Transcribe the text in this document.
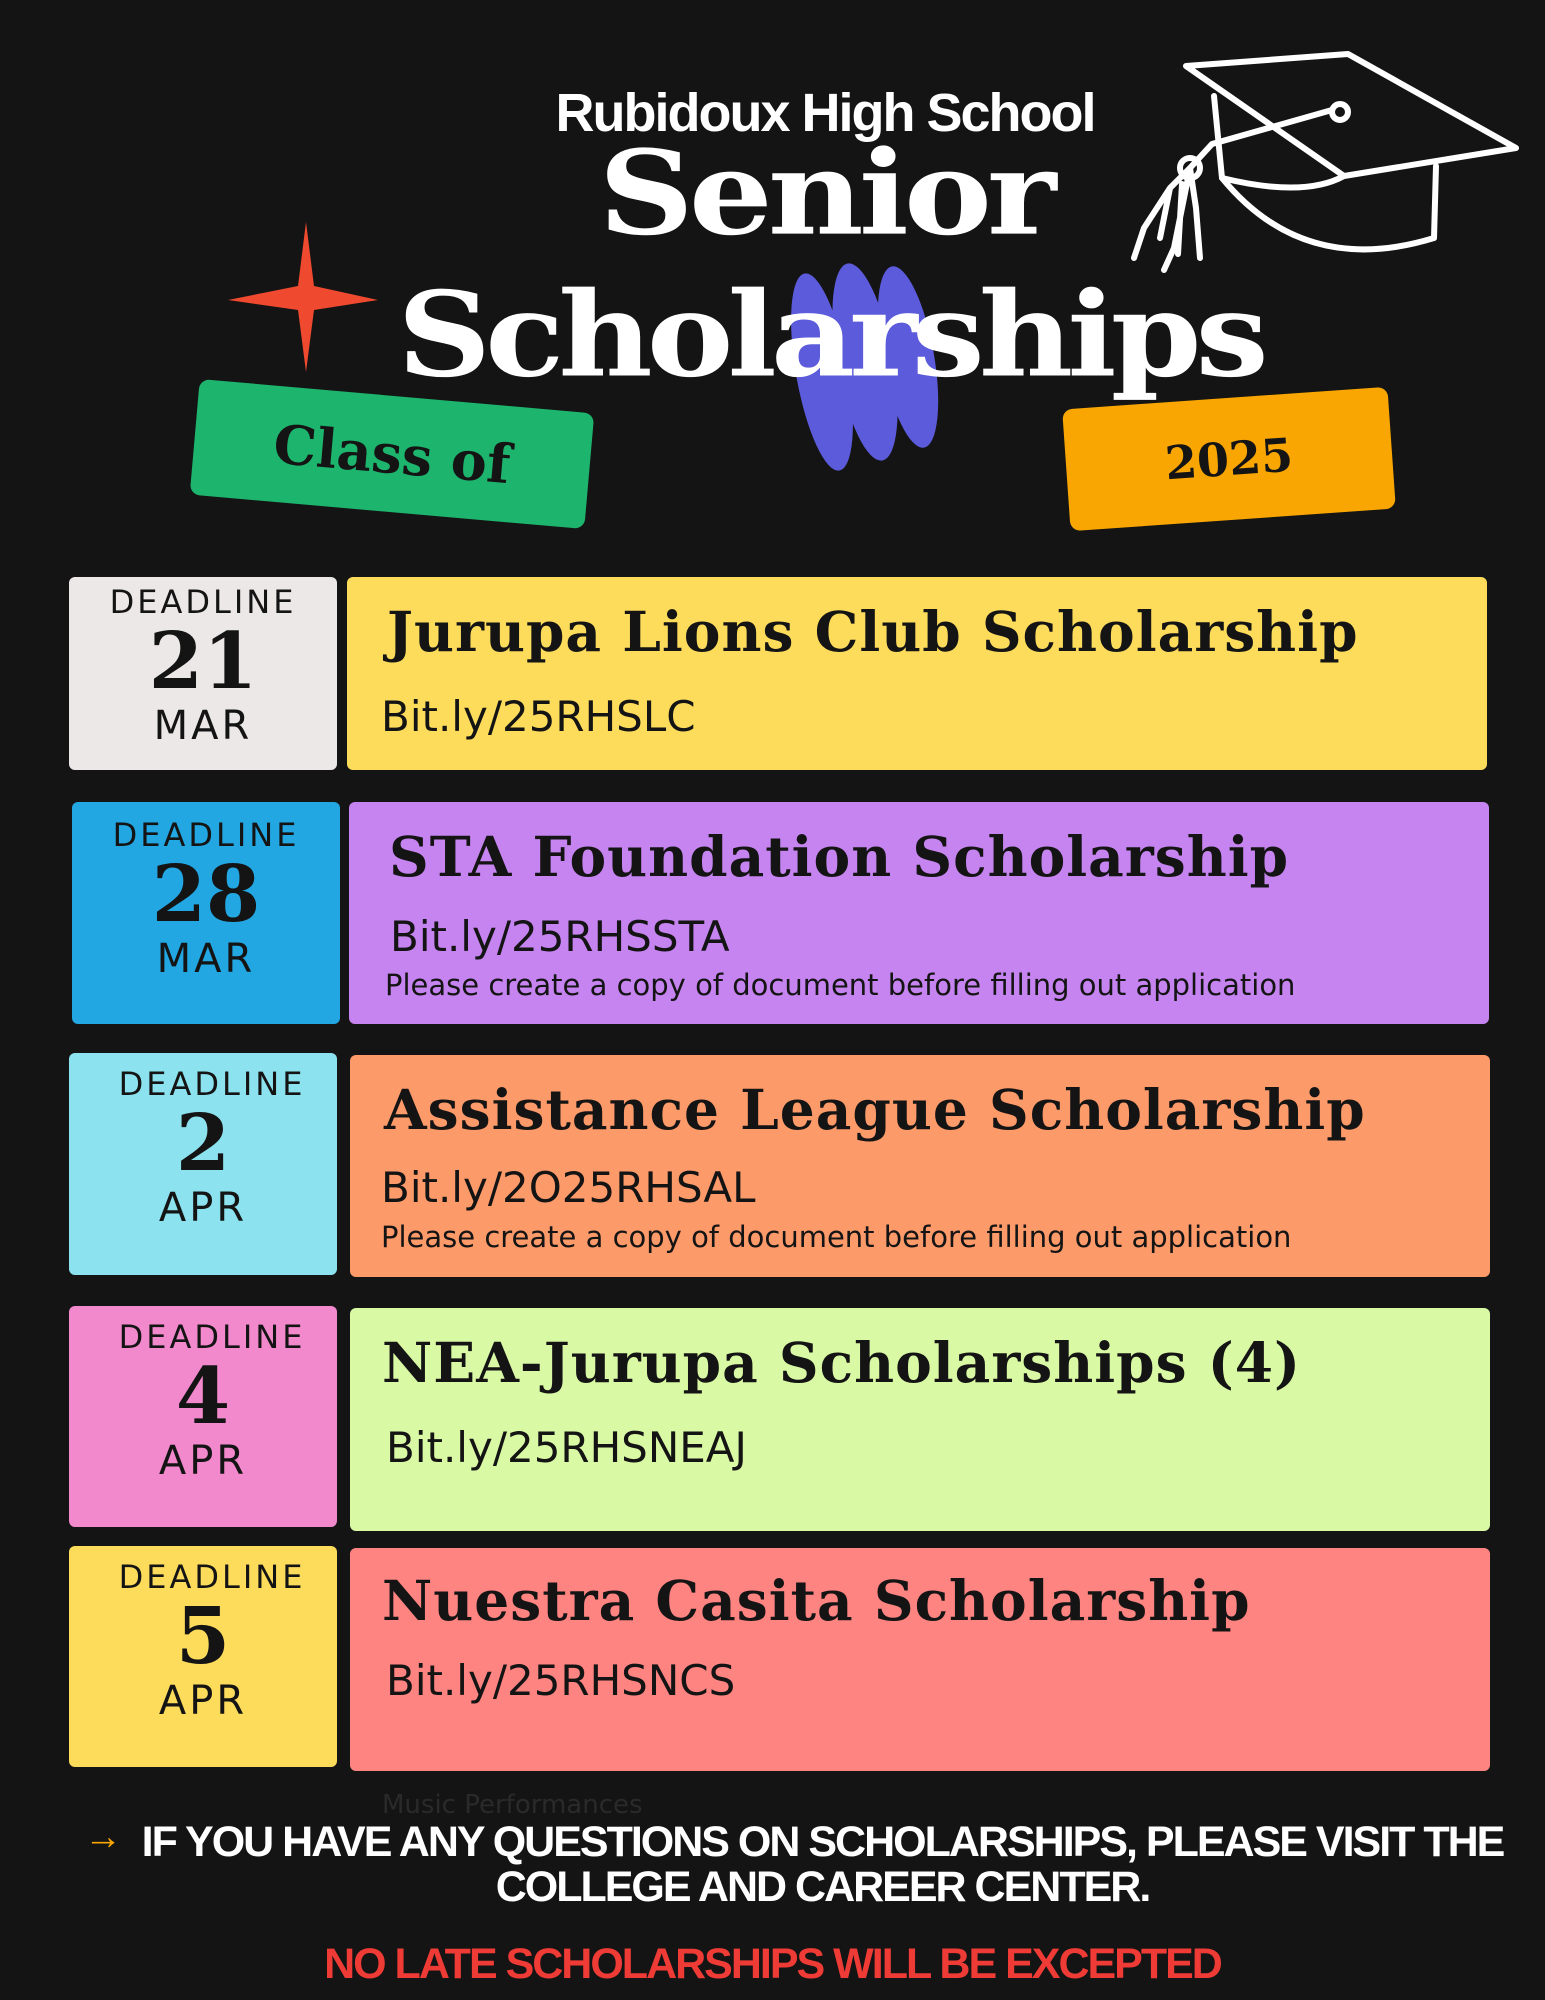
Rubidoux High School
Senior
Scholarships
Class of	2025
DEADLINE
21
MAR
Jurupa Lions Club Scholarship
Bit.ly/25RHSLC
DEADLINE
28
MAR
STA Foundation Scholarship
Bit.ly/25RHSSTA
Please create a copy of document before filling out application
DEADLINE
2
APR
Assistance League Scholarship
Bit.ly/2O25RHSAL
Please create a copy of document before filling out application
DEADLINE
4
APR
NEA-Jurupa Scholarships (4)
Bit.ly/25RHSNEAJ
DEADLINE
5
APR
Nuestra Casita Scholarship
Bit.ly/25RHSNCS
Music Performances
→ IF YOU HAVE ANY QUESTIONS ON SCHOLARSHIPS, PLEASE VISIT THE
COLLEGE AND CAREER CENTER.
NO LATE SCHOLARSHIPS WILL BE EXCEPTED
